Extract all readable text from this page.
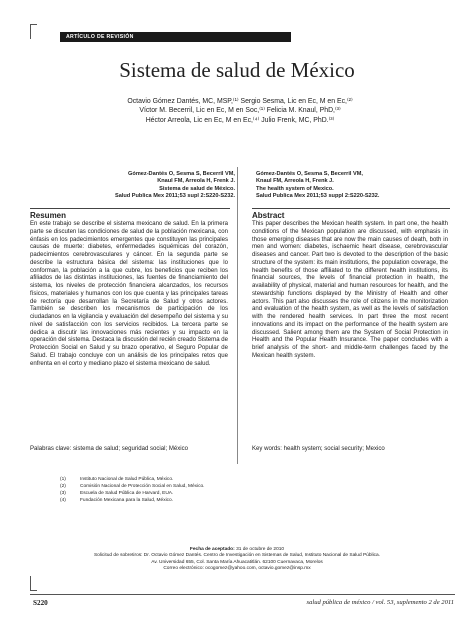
ARTÍCULO DE REVISIÓN
Sistema de salud de México
Octavio Gómez Dantés, MC, MSP,⁽¹⁾ Sergio Sesma, Lic en Ec, M en Ec,⁽²⁾
Víctor M. Becerril, Lic en Ec, M en Soc,⁽¹⁾ Felicia M. Knaul, PhD,⁽³⁾
Héctor Arreola, Lic en Ec, M en Ec,⁽⁴⁾ Julio Frenk, MC, PhD.⁽³⁾
Gómez-Dantés O, Sesma S, Becerril VM,
Knaul FM, Arreola H, Frenk J.
Sistema de salud de México.
Salud Publica Mex 2011;53 supl 2:S220-S232.
Gómez-Dantés O, Sesma S, Becerril VM,
Knaul FM, Arreola H, Frenk J.
The health system of Mexico.
Salud Publica Mex 2011;53 suppl 2:S220-S232.
Resumen
En este trabajo se describe el sistema mexicano de salud. En la primera parte se discuten las condiciones de salud de la población mexicana, con énfasis en los padecimientos emergentes que constituyen las principales causas de muerte: diabetes, enfermedades isquémicas del corazón, padecimientos cerebrovasculares y cáncer. En la segunda parte se describe la estructura básica del sistema: las instituciones que lo conforman, la población a la que cubre, los beneficios que reciben los afiliados de las distintas instituciones, las fuentes de financiamiento del sistema, los niveles de protección financiera alcanzados, los recursos físicos, materiales y humanos con los que cuenta y las principales tareas de rectoría que desarrollan la Secretaría de Salud y otros actores. También se describen los mecanismos de participación de los ciudadanos en la vigilancia y evaluación del desempeño del sistema y su nivel de satisfacción con los servicios recibidos. La tercera parte se dedica a discutir las innovaciones más recientes y su impacto en la operación del sistema. Destaca la discusión del recién creado Sistema de Protección Social en Salud y su brazo operativo, el Seguro Popular de Salud. El trabajo concluye con un análisis de los principales retos que enfrenta en el corto y mediano plazo el sistema mexicano de salud.
Palabras clave: sistema de salud; seguridad social; México
Abstract
This paper describes the Mexican health system. In part one, the health conditions of the Mexican population are discussed, with emphasis in those emerging diseases that are now the main causes of death, both in men and women: diabetes, ischaemic heart disease, cerebrovascular diseases and cancer. Part two is devoted to the description of the basic structure of the system: its main institutions, the population coverage, the health benefits of those affiliated to the different health institutions, its financial sources, the levels of financial protection in health, the availability of physical, material and human resources for health, and the stewardship functions displayed by the Ministry of Health and other actors. This part also discusses the role of citizens in the monitorization and evaluation of the health system, as well as the levels of satisfaction with the rendered health services. In part three the most recent innovations and its impact on the performance of the health system are discussed. Salient among them are the System of Social Protection in Health and the Popular Health Insurance. The paper concludes with a brief analysis of the short- and middle-term challenges faced by the Mexican health system.
Key words: health system; social security; Mexico
(1)	Instituto Nacional de Salud Pública, México.
(2)	Comisión Nacional de Protección Social en Salud, México.
(3)	Escuela de Salud Pública de Harvard, EUA.
(4)	Fundación Mexicana para la Salud, México.
Fecha de aceptado: 31 de octubre de 2010
Solicitud de sobretiros: Dr. Octavio Gómez Dantés. Centro de Investigación en Sistemas de Salud, Instituto Nacional de Salud Pública.
Av. Universidad 655, Col. Santa María Ahuacatitlán. 62100 Cuernavaca, Morelos
Correo electrónico: ocogomez@yahoo.com, octavio.gomez@insp.mx
S220	salud pública de méxico / vol. 53, suplemento 2 de 2011
